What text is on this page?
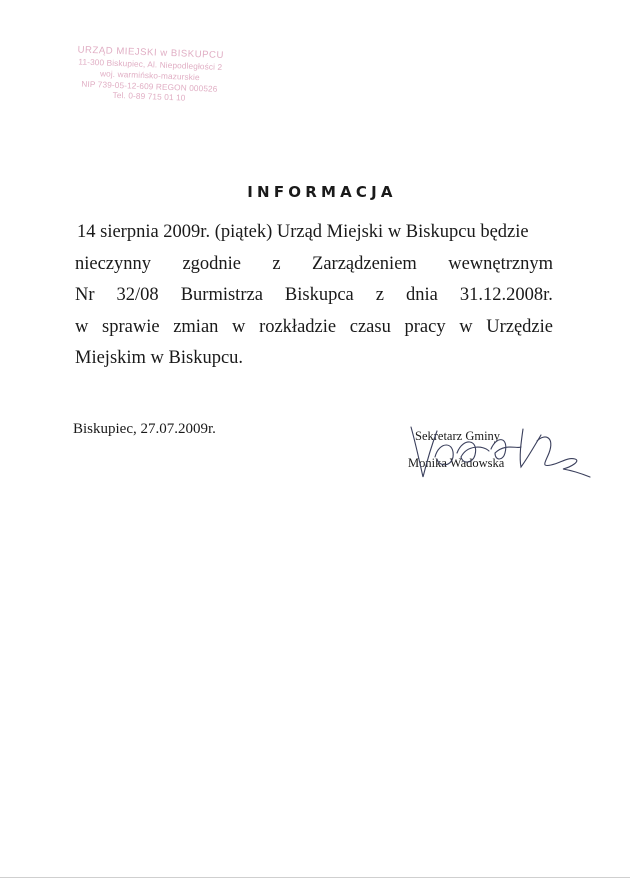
URZĄD MIEJSKI w BISKUPCU
11-300 Biskupiec, Al. Niepodległości 2
woj. warmińsko-mazurskie
NIP 739-05-12-609 REGON 000526
Tel. 0-89 715 01 10
INFORMACJA
14 sierpnia 2009r. (piątek) Urząd Miejski w Biskupcu będzie
nieczynny zgodnie z Zarządzeniem wewnętrznym
Nr 32/08 Burmistrza Biskupca z dnia 31.12.2008r.
w sprawie zmian w rozkładzie czasu pracy w Urzędzie
Miejskim w Biskupcu.
Biskupiec, 27.07.2009r.	Sekretarz Gminy
Monika Wadowska
